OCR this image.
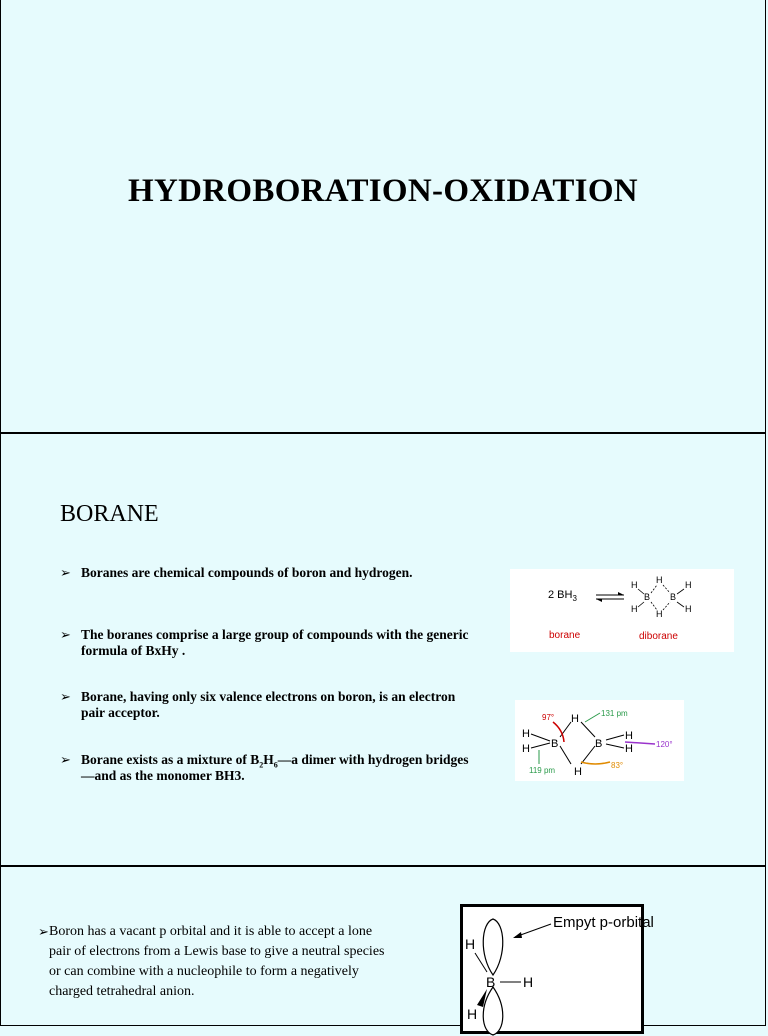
HYDROBORATION-OXIDATION
BORANE
➢ Boranes are chemical compounds of boron and hydrogen.
➢ The boranes comprise a large group of compounds with the generic formula of BxHy .
➢ Borane, having only six valence electrons on boron, is an electron pair acceptor.
➢ Borane exists as a mixture of $B_2H_6—a$ dimer with hydrogen bridges—and as the monomer BH3.
2 $BH_3$
H H	H
B B
H H	H
borane	diborane
H
H
H B	B
H
H
H
97°	131 pm
120°
119 pm
83°
➢ Boron has a vacant p orbital and it is able to accept a lone pair of electrons from a Lewis base to give a neutral species or can combine with a nucleophile to form a negatively charged tetrahedral anion.
Empyt p-orbital
H
B H
H
